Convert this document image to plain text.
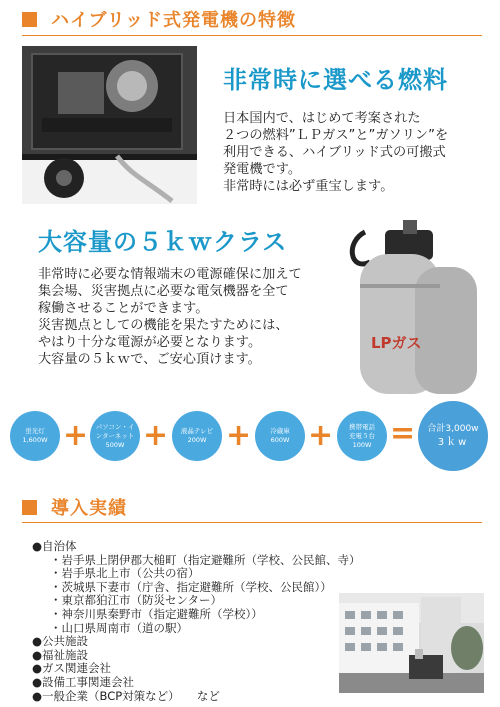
ハイブリッド式発電機の特徴
非常時に選べる燃料
日本国内で、はじめて考案された
２つの燃料”ＬＰガス”と”ガソリン”を
利用できる、ハイブリッド式の可搬式
発電機です。
非常時には必ず重宝します。
大容量の５ｋｗクラス
非常時に必要な情報端末の電源確保に加えて
集会場、災害拠点に必要な電気機器を全て
稼働させることができます。
災害拠点としての機能を果たすためには、
やはり十分な電源が必要となります。
大容量の５ｋｗで、ご安心頂けます。
LPガス
蛍光灯
1,600W + パソコン・イ
ンターネット
500W + 液晶テレビ
200W +	冷蔵庫
600W + 携帯電話
充電５台
100W = 合計3,000w
3ｋw
導入実績
●自治体
・岩手県上閉伊郡大槌町（指定避難所（学校、公民館、寺）
・岩手県北上市（公共の宿）
・茨城県下妻市（庁舎、指定避難所（学校、公民館））
・東京都狛江市（防災センター）
・神奈川県秦野市（指定避難所（学校））
・山口県周南市（道の駅）
●公共施設
●福祉施設
●ガス関連会社
●設備工事関連会社
●一般企業（BCP対策など）　　など
